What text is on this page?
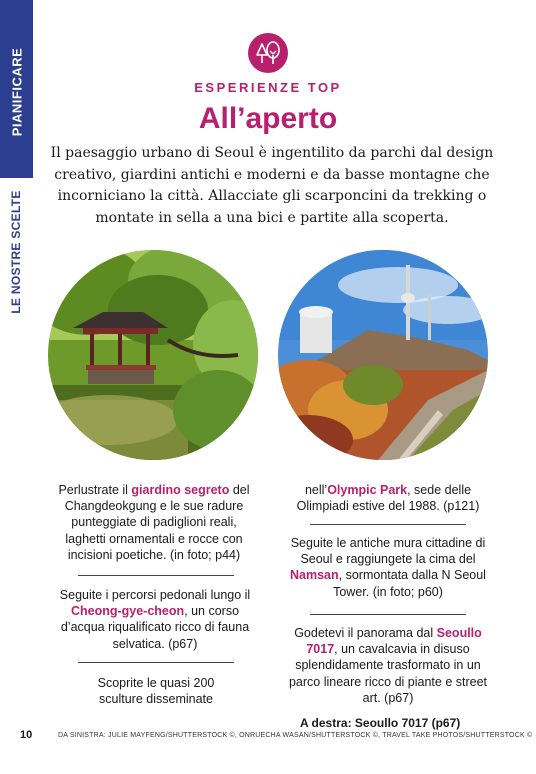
PIANIFICARE
LE NOSTRE SCELTE
ESPERIENZE TOP
All’aperto
Il paesaggio urbano di Seoul è ingentilito da parchi dal design creativo, giardini antichi e moderni e da basse montagne che incorniciano la città. Allacciate gli scarponcini da trekking o montate in sella a una bici e partite alla scoperta.
Perlustrate il giardino segreto del Changdeokgung e le sue radure punteggiate di padiglioni reali, laghetti ornamentali e rocce con incisioni poetiche. (in foto; p44)
Seguite i percorsi pedonali lungo il Cheong-gye-cheon, un corso d’acqua riqualificato ricco di fauna selvatica. (p67)
Scoprite le quasi 200 sculture disseminate
nell’Olympic Park, sede delle Olimpiadi estive del 1988. (p121)
Seguite le antiche mura cittadine di Seoul e raggiungete la cima del Namsan, sormontata dalla N Seoul Tower. (in foto; p60)
Godetevi il panorama dal Seoullo 7017, un cavalcavia in disuso splendidamente trasformato in un parco lineare ricco di piante e street art. (p67)
A destra: Seoullo 7017 (p67)
10	DA SINISTRA: JULIE MAYFENG/SHUTTERSTOCK ©, ONRUECHA WASAN/SHUTTERSTOCK ©, TRAVEL TAKE PHOTOS/SHUTTERSTOCK ©
